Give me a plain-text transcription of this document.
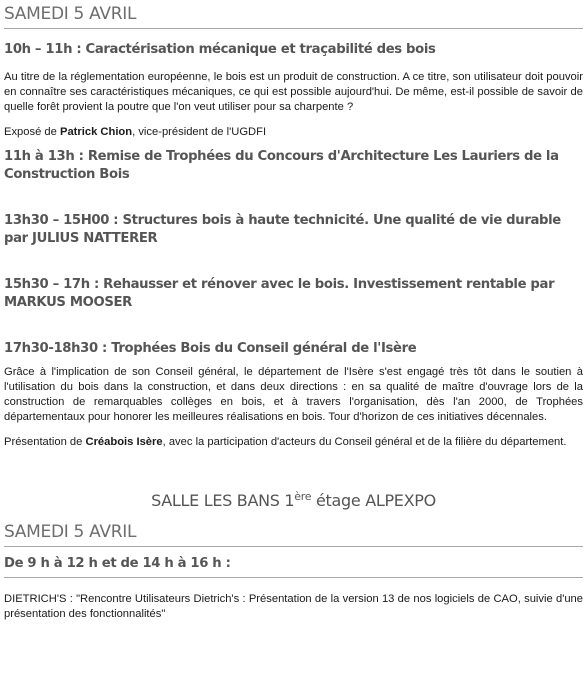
SAMEDI 5 AVRIL

10h – 11h : Caractérisation mécanique et traçabilité des bois

Au titre de la réglementation européenne, le bois est un produit de construction. A ce titre, son utilisateur doit pouvoir en connaître ses caractéristiques mécaniques, ce qui est possible aujourd'hui. De même, est-il possible de savoir de quelle forêt provient la poutre que l'on veut utiliser pour sa charpente ?

Exposé de Patrick Chion, vice-président de l'UGDFI

11h à 13h : Remise de Trophées du Concours d'Architecture Les Lauriers de la Construction Bois

13h30 – 15H00 : Structures bois à haute technicité. Une qualité de vie durable par JULIUS NATTERER

15h30 – 17h : Rehausser et rénover avec le bois. Investissement rentable par MARKUS MOOSER

17h30-18h30 : Trophées Bois du Conseil général de l'Isère

Grâce à l'implication de son Conseil général, le département de l'Isère s'est engagé très tôt dans le soutien à l'utilisation du bois dans la construction, et dans deux directions : en sa qualité de maître d'ouvrage lors de la construction de remarquables collèges en bois, et à travers l'organisation, dès l'an 2000, de Trophées départementaux pour honorer les meilleures réalisations en bois. Tour d'horizon de ces initiatives décennales.

Présentation de Créabois Isère, avec la participation d'acteurs du Conseil général et de la filière du département.

SALLE LES BANS 1ère étage ALPEXPO

SAMEDI 5 AVRIL

De 9 h à 12 h et de 14 h à 16 h :

DIETRICH'S : "Rencontre Utilisateurs Dietrich's : Présentation de la version 13 de nos logiciels de CAO, suivie d'une présentation des fonctionnalités"
